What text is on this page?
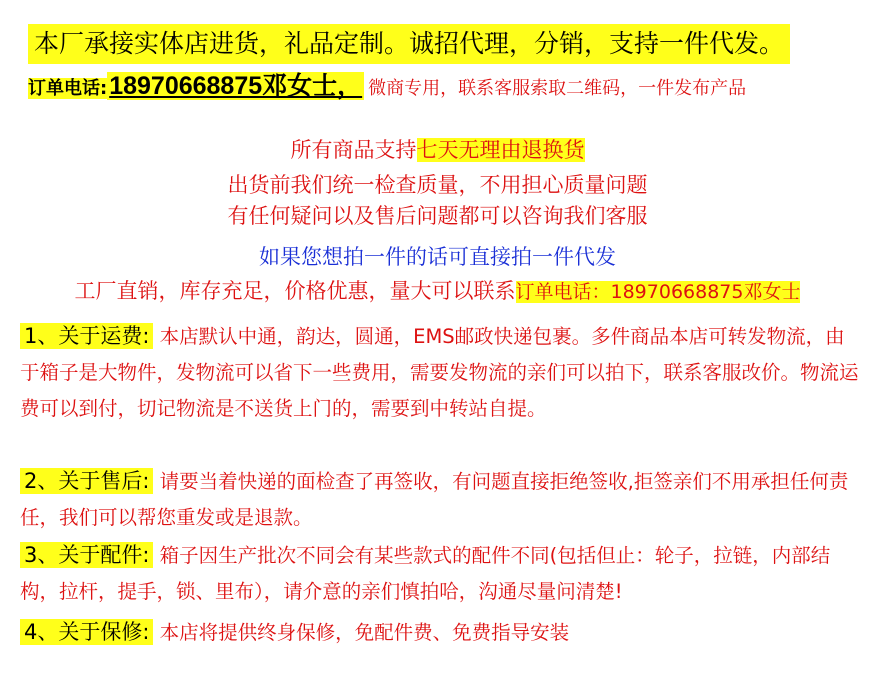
本厂承接实体店进货，礼品定制。诚招代理，分销，支持一件代发。
订单电话:18970668875邓女士， 微商专用，联系客服索取二维码，一件发布产品
所有商品支持七天无理由退换货
出货前我们统一检查质量，不用担心质量问题
有任何疑问以及售后问题都可以咨询我们客服
如果您想拍一件的话可直接拍一件代发
工厂直销，库存充足，价格优惠，量大可以联系订单电话：18970668875邓女士
1、关于运费: 本店默认中通，韵达，圆通，EMS邮政快递包裹。多件商品本店可转发物流，由于箱子是大物件，发物流可以省下一些费用，需要发物流的亲们可以拍下，联系客服改价。物流运费可以到付，切记物流是不送货上门的，需要到中转站自提。
2、关于售后: 请要当着快递的面检查了再签收，有问题直接拒绝签收,拒签亲们不用承担任何责任，我们可以帮您重发或是退款。
3、关于配件: 箱子因生产批次不同会有某些款式的配件不同(包括但止：轮子，拉链，内部结构，拉杆，提手，锁、里布），请介意的亲们慎拍哈，沟通尽量问清楚!
4、关于保修: 本店将提供终身保修，免配件费、免费指导安装
